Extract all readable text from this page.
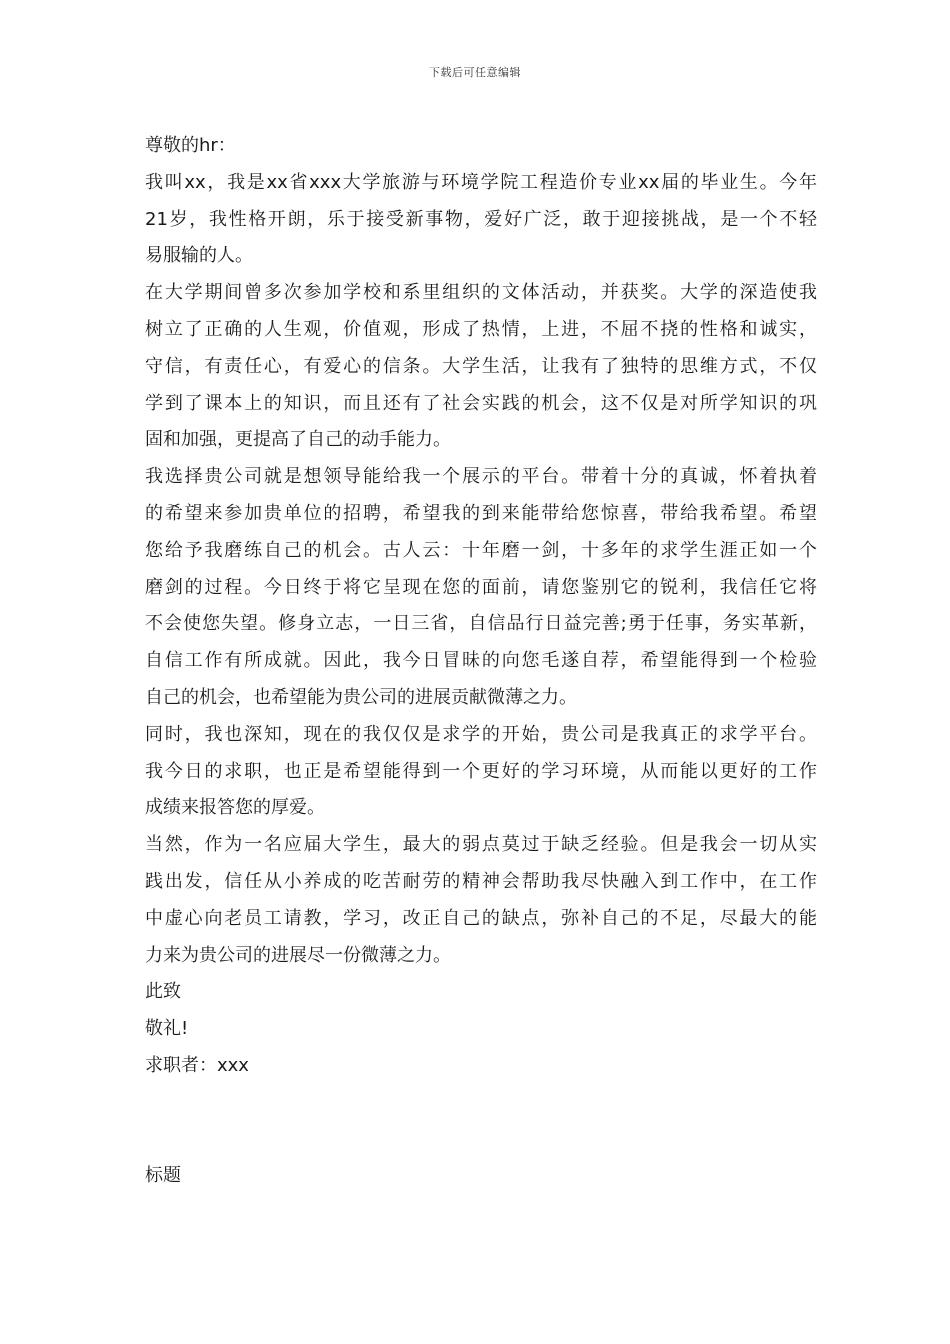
下载后可任意编辑
尊敬的hr：
我叫xx，我是xx省xxx大学旅游与环境学院工程造价专业xx届的毕业生。今年
21岁，我性格开朗，乐于接受新事物，爱好广泛，敢于迎接挑战，是一个不轻
易服输的人。
在大学期间曾多次参加学校和系里组织的文体活动，并获奖。大学的深造使我
树立了正确的人生观，价值观，形成了热情，上进，不屈不挠的性格和诚实，
守信，有责任心，有爱心的信条。大学生活，让我有了独特的思维方式，不仅
学到了课本上的知识，而且还有了社会实践的机会，这不仅是对所学知识的巩
固和加强，更提高了自己的动手能力。
我选择贵公司就是想领导能给我一个展示的平台。带着十分的真诚，怀着执着
的希望来参加贵单位的招聘，希望我的到来能带给您惊喜，带给我希望。希望
您给予我磨练自己的机会。古人云：十年磨一剑，十多年的求学生涯正如一个
磨剑的过程。今日终于将它呈现在您的面前，请您鉴别它的锐利，我信任它将
不会使您失望。修身立志，一日三省，自信品行日益完善;勇于任事，务实革新，
自信工作有所成就。因此，我今日冒昧的向您毛遂自荐，希望能得到一个检验
自己的机会，也希望能为贵公司的进展贡献微薄之力。
同时，我也深知，现在的我仅仅是求学的开始，贵公司是我真正的求学平台。
我今日的求职，也正是希望能得到一个更好的学习环境，从而能以更好的工作
成绩来报答您的厚爱。
当然，作为一名应届大学生，最大的弱点莫过于缺乏经验。但是我会一切从实
践出发，信任从小养成的吃苦耐劳的精神会帮助我尽快融入到工作中，在工作
中虚心向老员工请教，学习，改正自己的缺点，弥补自己的不足，尽最大的能
力来为贵公司的进展尽一份微薄之力。
此致
敬礼!
求职者：xxx
标题
